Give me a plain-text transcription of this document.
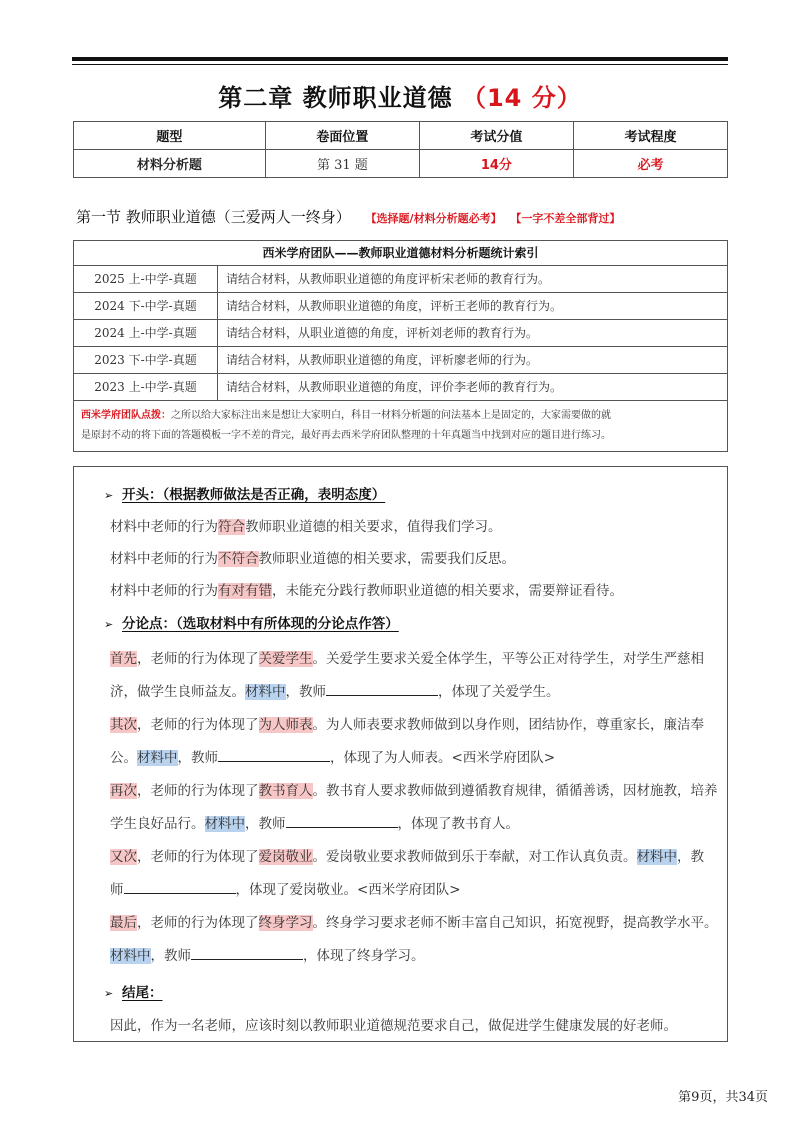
第二章 教师职业道德 （14 分）
题型	卷面位置	考试分值	考试程度
材料分析题	第 31 题	14分	必考
第一节 教师职业道德（三爱两人一终身） 【选择题/材料分析题必考】 【一字不差全部背过】
西米学府团队——教师职业道德材料分析题统计索引
2025 上-中学-真题	请结合材料，从教师职业道德的角度评析宋老师的教育行为。
2024 下-中学-真题	请结合材料，从教师职业道德的角度，评析王老师的教育行为。
2024 上-中学-真题	请结合材料，从职业道德的角度，评析刘老师的教育行为。
2023 下-中学-真题	请结合材料，从教师职业道德的角度，评析廖老师的行为。
2023 上-中学-真题	请结合材料，从教师职业道德的角度，评价李老师的教育行为。
西米学府团队点拨：之所以给大家标注出来是想让大家明白，科目一材料分析题的问法基本上是固定的，大家需要做的就
是原封不动的将下面的答题模板一字不差的背完，最好再去西米学府团队整理的十年真题当中找到对应的题目进行练习。
➢ 开头：（根据教师做法是否正确，表明态度）
材料中老师的行为符合教师职业道德的相关要求，值得我们学习。
材料中老师的行为不符合教师职业道德的相关要求，需要我们反思。
材料中老师的行为有对有错，未能充分践行教师职业道德的相关要求，需要辩证看待。
➢ 分论点：（选取材料中有所体现的分论点作答）
首先，老师的行为体现了关爱学生。关爱学生要求关爱全体学生，平等公正对待学生，对学生严慈相
济，做学生良师益友。材料中，教师	，体现了关爱学生。
其次，老师的行为体现了为人师表。为人师表要求教师做到以身作则，团结协作，尊重家长，廉洁奉
公。材料中，教师	，体现了为人师表。<西米学府团队>
再次，老师的行为体现了教书育人。教书育人要求教师做到遵循教育规律，循循善诱，因材施教，培养
学生良好品行。材料中，教师	，体现了教书育人。
又次，老师的行为体现了爱岗敬业。爱岗敬业要求教师做到乐于奉献，对工作认真负责。材料中，教
师	，体现了爱岗敬业。<西米学府团队>
最后，老师的行为体现了终身学习。终身学习要求老师不断丰富自己知识，拓宽视野，提高教学水平。
材料中，教师	，体现了终身学习。
➢ 结尾：
因此，作为一名老师，应该时刻以教师职业道德规范要求自己，做促进学生健康发展的好老师。
第9页，共34页
